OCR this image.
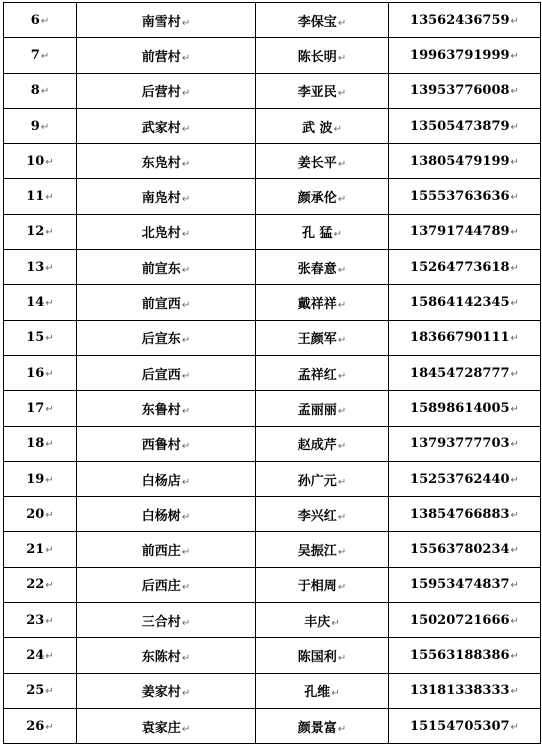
6↵	南雪村↵	李保宝↵	13562436759↵
7↵	前营村↵	陈长明↵	19963791999↵
8↵	后营村↵	李亚民↵	13953776008↵
9↵	武家村↵	武 波↵	13505473879↵
10↵	东凫村↵	姜长平↵	13805479199↵
11↵	南凫村↵	颜承伦↵	15553763636↵
12↵	北凫村↵	孔 猛↵	13791744789↵
13↵	前宣东↵	张春意↵	15264773618↵
14↵	前宣西↵	戴祥祥↵	15864142345↵
15↵	后宣东↵	王颜军↵	18366790111↵
16↵	后宣西↵	孟祥红↵	18454728777↵
17↵	东鲁村↵	孟丽丽↵	15898614005↵
18↵	西鲁村↵	赵成芹↵	13793777703↵
19↵	白杨店↵	孙广元↵	15253762440↵
20↵	白杨树↵	李兴红↵	13854766883↵
21↵	前西庄↵	吴振江↵	15563780234↵
22↵	后西庄↵	于相周↵	15953474837↵
23↵	三合村↵	丰庆↵	15020721666↵
24↵	东陈村↵	陈国利↵	15563188386↵
25↵	姜家村↵	孔维↵	13181338333↵
26↵	袁家庄↵	颜景富↵	15154705307↵
